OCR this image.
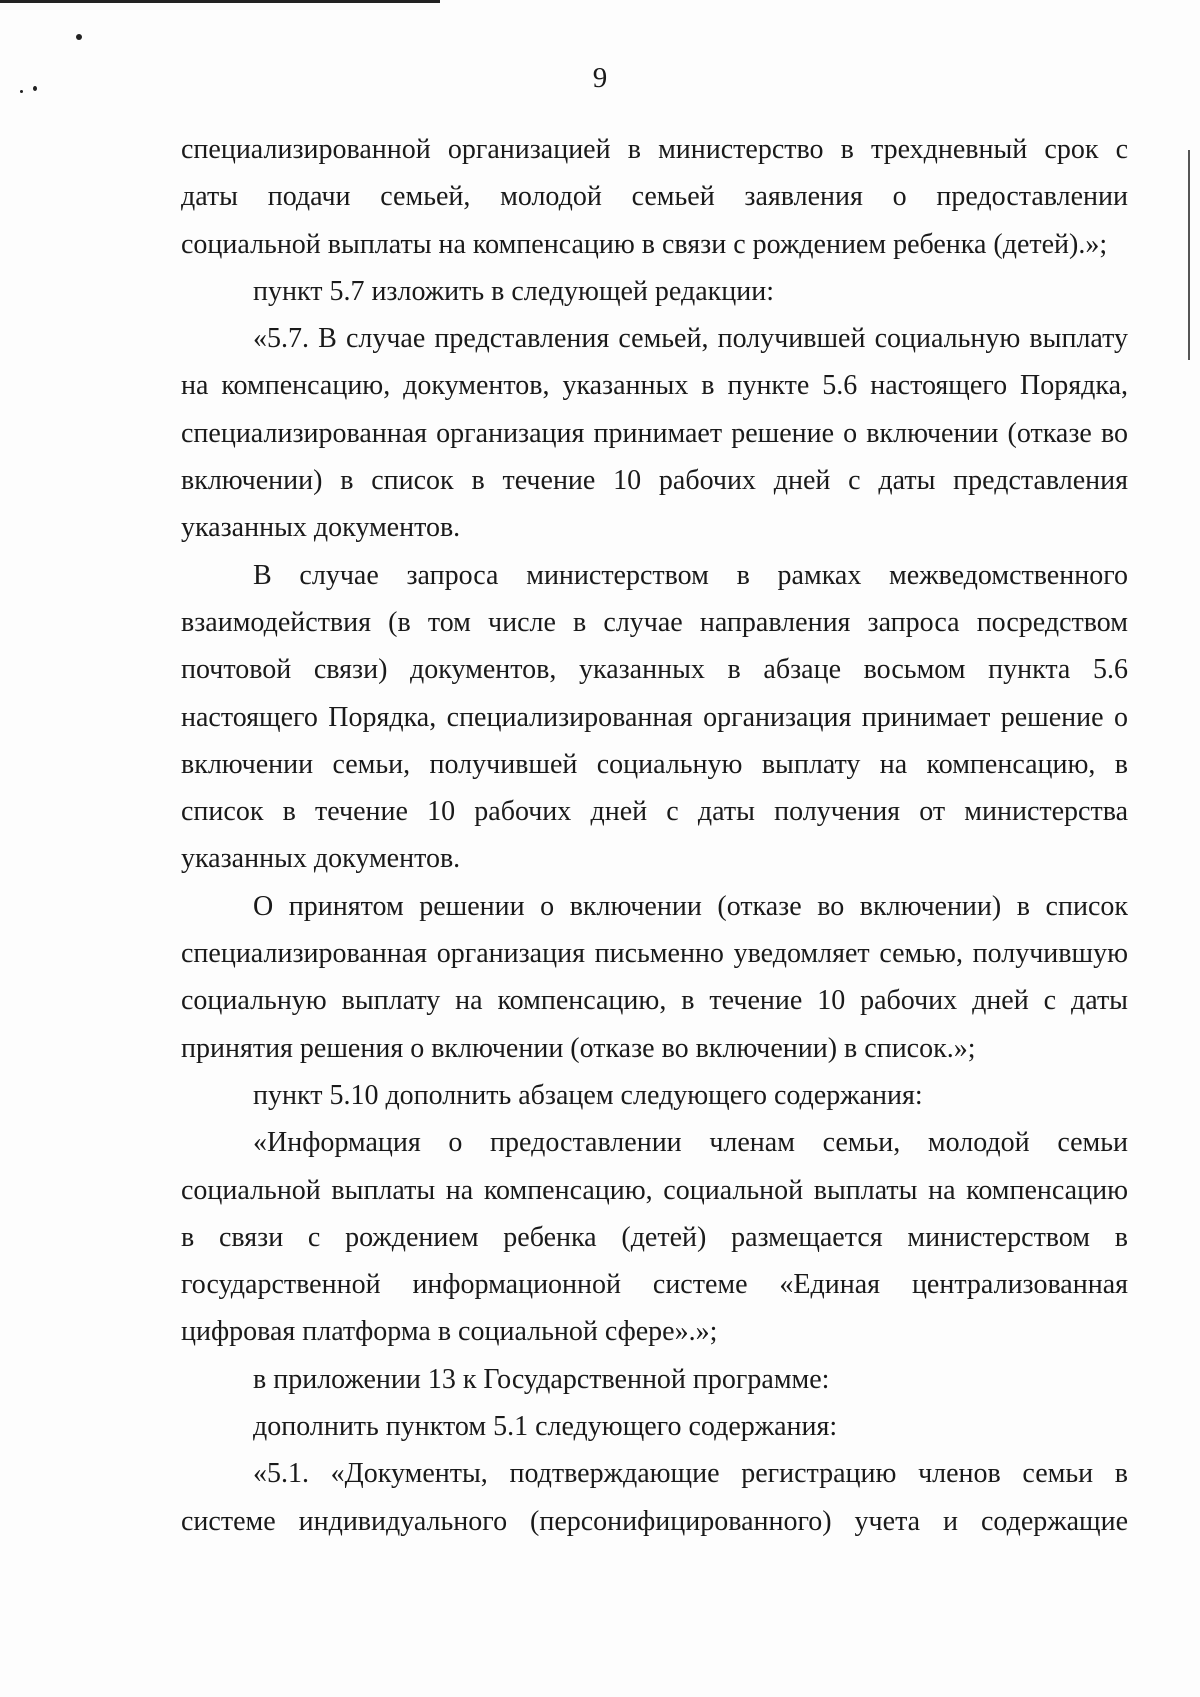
9

специализированной организацией в министерство в трехдневный срок с

даты подачи семьей, молодой семьей заявления о предоставлении

социальной выплаты на компенсацию в связи с рождением ребенка (детей).»;

пункт 5.7 изложить в следующей редакции:

«5.7. В случае представления семьей, получившей социальную выплату

на компенсацию, документов, указанных в пункте 5.6 настоящего Порядка,

специализированная организация принимает решение о включении (отказе во

включении) в список в течение 10 рабочих дней с даты представления

указанных документов.

В случае запроса министерством в рамках межведомственного

взаимодействия (в том числе в случае направления запроса посредством

почтовой связи) документов, указанных в абзаце восьмом пункта 5.6

настоящего Порядка, специализированная организация принимает решение о

включении семьи, получившей социальную выплату на компенсацию, в

список в течение 10 рабочих дней с даты получения от министерства

указанных документов.

О принятом решении о включении (отказе во включении) в список

специализированная организация письменно уведомляет семью, получившую

социальную выплату на компенсацию, в течение 10 рабочих дней с даты

принятия решения о включении (отказе во включении) в список.»;

пункт 5.10 дополнить абзацем следующего содержания:

«Информация о предоставлении членам семьи, молодой семьи

социальной выплаты на компенсацию, социальной выплаты на компенсацию

в связи с рождением ребенка (детей) размещается министерством в

государственной информационной системе «Единая централизованная

цифровая платформа в социальной сфере».»;

в приложении 13 к Государственной программе:

дополнить пунктом 5.1 следующего содержания:

«5.1. «Документы, подтверждающие регистрацию членов семьи в

системе индивидуального (персонифицированного) учета и содержащие
